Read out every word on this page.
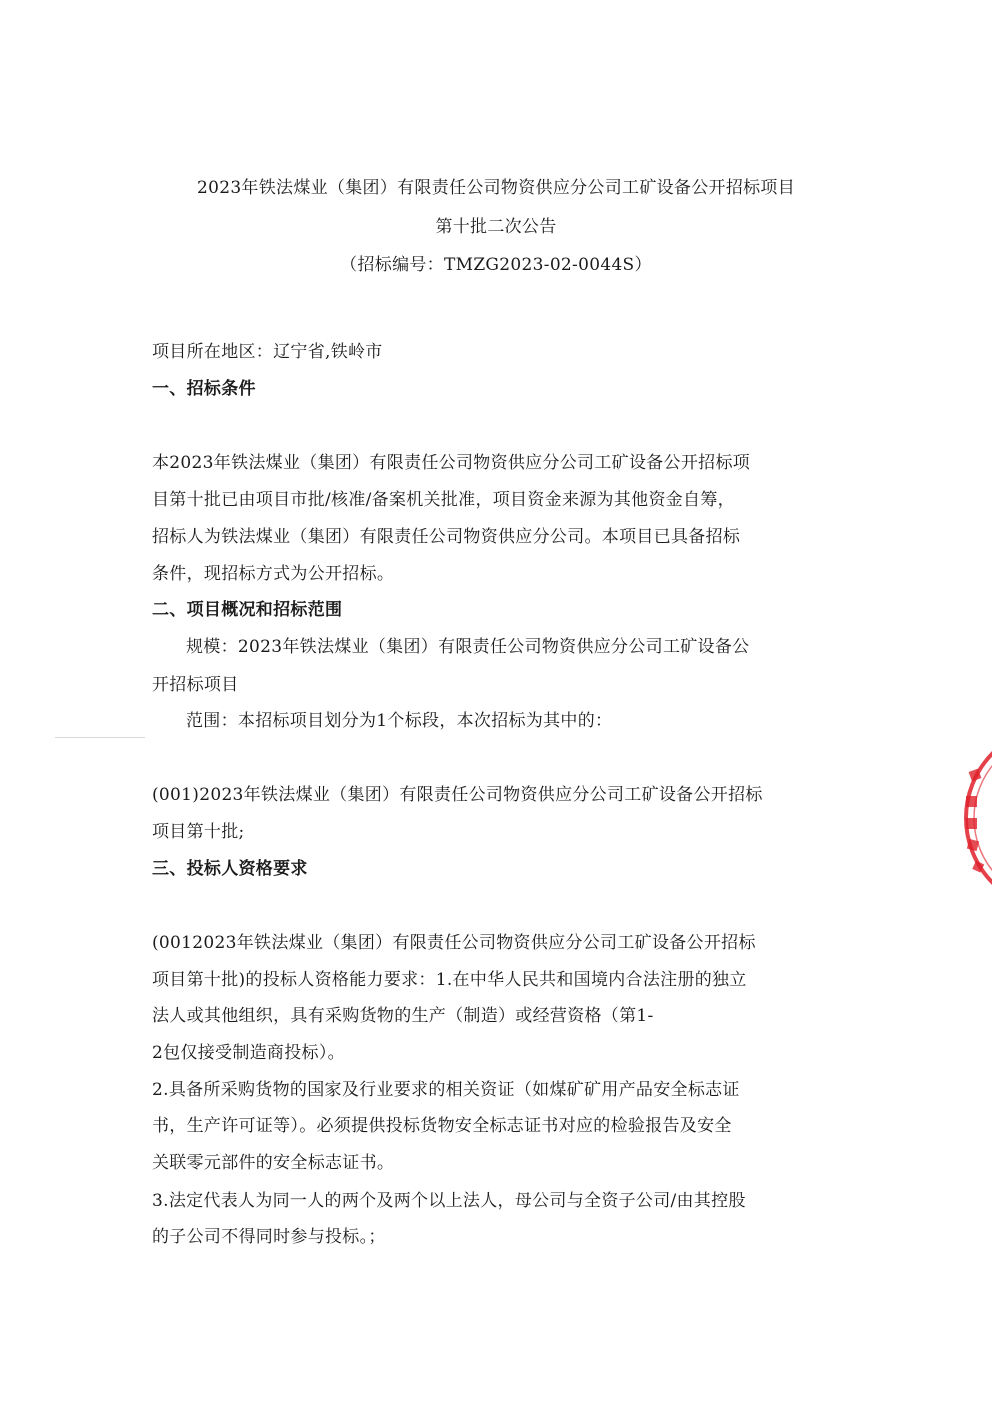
2023年铁法煤业（集团）有限责任公司物资供应分公司工矿设备公开招标项目
第十批二次公告
（招标编号：TMZG2023-02-0044S）
项目所在地区：辽宁省,铁岭市
一、招标条件
本2023年铁法煤业（集团）有限责任公司物资供应分公司工矿设备公开招标项
目第十批已由项目市批/核准/备案机关批准，项目资金来源为其他资金自筹，
招标人为铁法煤业（集团）有限责任公司物资供应分公司。本项目已具备招标
条件，现招标方式为公开招标。
二、项目概况和招标范围
规模：2023年铁法煤业（集团）有限责任公司物资供应分公司工矿设备公
开招标项目
范围：本招标项目划分为1个标段，本次招标为其中的：
(001)2023年铁法煤业（集团）有限责任公司物资供应分公司工矿设备公开招标
项目第十批;
三、投标人资格要求
(0012023年铁法煤业（集团）有限责任公司物资供应分公司工矿设备公开招标
项目第十批)的投标人资格能力要求：1.在中华人民共和国境内合法注册的独立
法人或其他组织，具有采购货物的生产（制造）或经营资格（第1-
2包仅接受制造商投标）。
2.具备所采购货物的国家及行业要求的相关资证（如煤矿矿用产品安全标志证
书，生产许可证等）。必须提供投标货物安全标志证书对应的检验报告及安全
关联零元部件的安全标志证书。
3.法定代表人为同一人的两个及两个以上法人，母公司与全资子公司/由其控股
的子公司不得同时参与投标。；
